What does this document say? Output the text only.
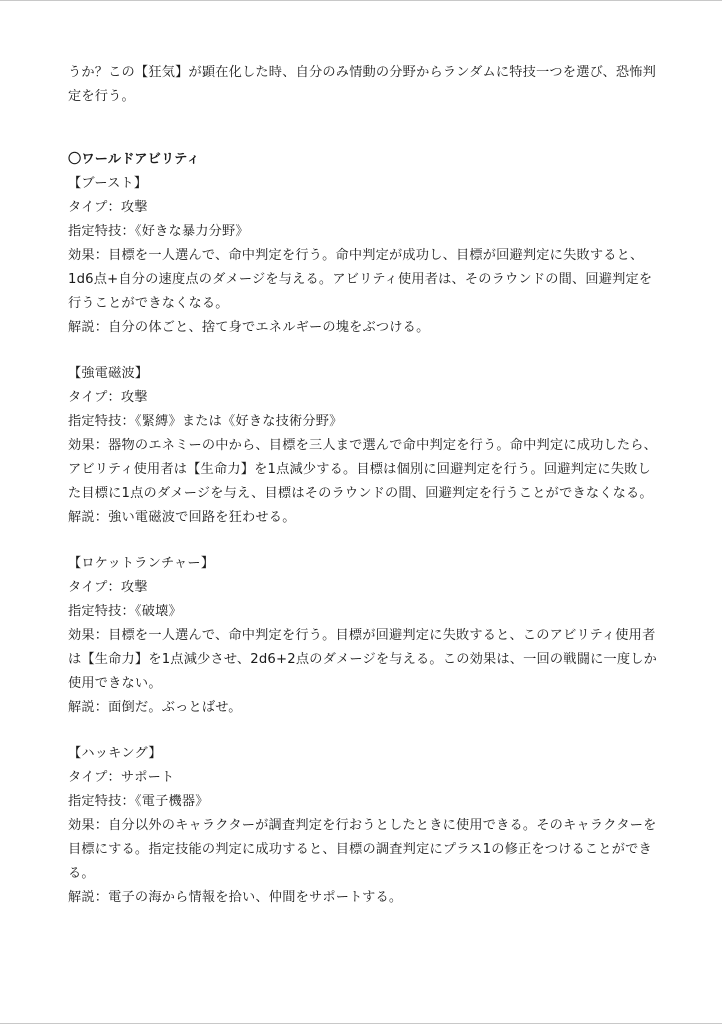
うか？この【狂気】が顕在化した時、自分のみ情動の分野からランダムに特技一つを選び、恐怖判定を行う。

〇ワールドアビリティ

【ブースト】

タイプ：攻撃

指定特技：《好きな暴力分野》

効果：目標を一人選んで、命中判定を行う。命中判定が成功し、目標が回避判定に失敗すると、1d6点+自分の速度点のダメージを与える。アビリティ使用者は、そのラウンドの間、回避判定を行うことができなくなる。

解説：自分の体ごと、捨て身でエネルギーの塊をぶつける。

【強電磁波】

タイプ：攻撃

指定特技：《緊縛》または《好きな技術分野》

効果：器物のエネミーの中から、目標を三人まで選んで命中判定を行う。命中判定に成功したら、アビリティ使用者は【生命力】を1点減少する。目標は個別に回避判定を行う。回避判定に失敗した目標に1点のダメージを与え、目標はそのラウンドの間、回避判定を行うことができなくなる。

解説：強い電磁波で回路を狂わせる。

【ロケットランチャー】

タイプ：攻撃

指定特技：《破壊》

効果：目標を一人選んで、命中判定を行う。目標が回避判定に失敗すると、このアビリティ使用者は【生命力】を1点減少させ、2d6+2点のダメージを与える。この効果は、一回の戦闘に一度しか使用できない。

解説：面倒だ。ぶっとばせ。

【ハッキング】

タイプ：サポート

指定特技：《電子機器》

効果：自分以外のキャラクターが調査判定を行おうとしたときに使用できる。そのキャラクターを目標にする。指定技能の判定に成功すると、目標の調査判定にプラス1の修正をつけることができる。

解説：電子の海から情報を拾い、仲間をサポートする。
